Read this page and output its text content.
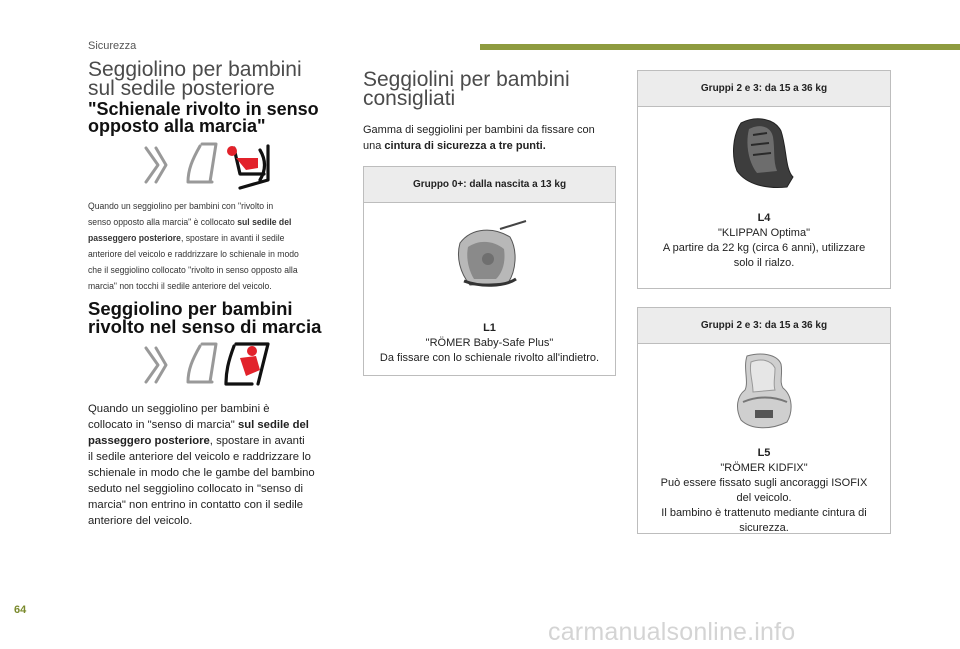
Sicurezza
Seggiolino per bambini
sul sedile posteriore
"Schienale rivolto in senso
opposto alla marcia"
Quando un seggiolino per bambini con "rivolto in
senso opposto alla marcia" è collocato sul sedile del
passeggero posteriore, spostare in avanti il sedile
anteriore del veicolo e raddrizzare lo schienale in modo
che il seggiolino collocato "rivolto in senso opposto alla
marcia" non tocchi il sedile anteriore del veicolo.
Seggiolino per bambini
rivolto nel senso di marcia
Quando un seggiolino per bambini è
collocato in "senso di marcia" sul sedile del
passeggero posteriore, spostare in avanti
il sedile anteriore del veicolo e raddrizzare lo
schienale in modo che le gambe del bambino
seduto nel seggiolino collocato in "senso di
marcia" non entrino in contatto con il sedile
anteriore del veicolo.
Seggiolini per bambini
consigliati
Gamma di seggiolini per bambini da fissare con
una cintura di sicurezza a tre punti.
Gruppo 0+: dalla nascita a 13 kg
L1
"RÖMER Baby-Safe Plus"
Da fissare con lo schienale rivolto all'indietro.
Gruppi 2 e 3: da 15 a 36 kg
L4
"KLIPPAN Optima"
A partire da 22 kg (circa 6 anni), utilizzare
solo il rialzo.
Gruppi 2 e 3: da 15 a 36 kg
L5
"RÖMER KIDFIX"
Può essere fissato sugli ancoraggi ISOFIX
del veicolo.
Il bambino è trattenuto mediante cintura di
sicurezza.
64
carmanualsonline.info
